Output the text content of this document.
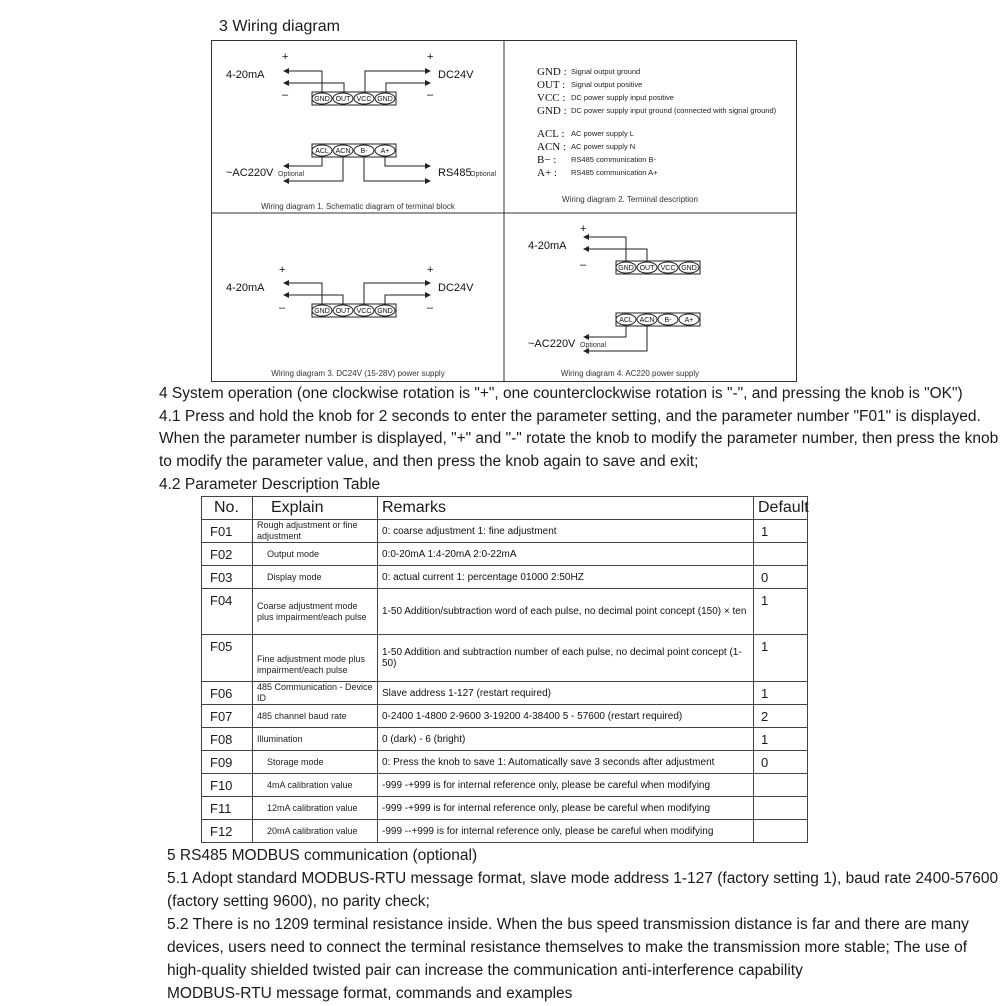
3 Wiring diagram
+	+
4-20mA	DC24V
–	–
GND OUT VCC GND
ACL ACN B- A+
~AC220V Optional	RS485
Optional
Wiring diagram 1. Schematic diagram of terminal block
GND : Signal output ground
OUT : Signal output positive
VCC : DC power supply input positive
GND : DC power supply input ground (connected with signal ground)
ACL : AC power supply L
ACN : AC power supply N
B− : RS485 communication B-
A+ : RS485 communication A+
Wiring diagram 2. Terminal description
+	+
4-20mA	DC24V
–	–
GND OUT VCC GND
Wiring diagram 3. DC24V (15-28V) power supply
+
4-20mA
–	GND OUT VCC GND
ACL ACN B- A+
~AC220V Optional
Wiring diagram 4. AC220 power supply
4 System operation (one clockwise rotation is "+", one counterclockwise rotation is "-", and pressing the knob is "OK")
4.1 Press and hold the knob for 2 seconds to enter the parameter setting, and the parameter number "F01" is displayed.
When the parameter number is displayed, "+" and "-" rotate the knob to modify the parameter number, then press the knob
to modify the parameter value, and then press the knob again to save and exit;
4.2 Parameter Description Table
No.	Explain	Remarks	Default
F01	Rough adjustment or fine adjustment	0: coarse adjustment 1: fine adjustment	1
F02	Output mode	0:0-20mA 1:4-20mA 2:0-22mA	
F03	Display mode	0: actual current 1: percentage 01000 2:50HZ	0
F04	Coarse adjustment mode plus impairment/each pulse	1-50 Addition/subtraction word of each pulse, no decimal point concept (150) × ten	1
F05	Fine adjustment mode plus impairment/each pulse	1-50 Addition and subtraction number of each pulse, no decimal point concept (1-50)	1
F06	485 Communication - Device ID	Slave address 1-127 (restart required)	1
F07	485 channel baud rate	0-2400 1-4800 2-9600 3-19200 4-38400 5 - 57600 (restart required)	2
F08	Illumination	0 (dark) - 6 (bright)	1
F09	Storage mode	0: Press the knob to save 1: Automatically save 3 seconds after adjustment	0
F10	4mA calibration value	-999 -+999 is for internal reference only, please be careful when modifying	
F11	12mA calibration value	-999 -+999 is for internal reference only, please be careful when modifying	
F12	20mA calibration value	-999 --+999 is for internal reference only, please be careful when modifying	
5 RS485 MODBUS communication (optional)
5.1 Adopt standard MODBUS-RTU message format, slave mode address 1-127 (factory setting 1), baud rate 2400-57600
(factory setting 9600), no parity check;
5.2 There is no 1209 terminal resistance inside. When the bus speed transmission distance is far and there are many
devices, users need to connect the terminal resistance themselves to make the transmission more stable; The use of
high-quality shielded twisted pair can increase the communication anti-interference capability
MODBUS-RTU message format, commands and examples
